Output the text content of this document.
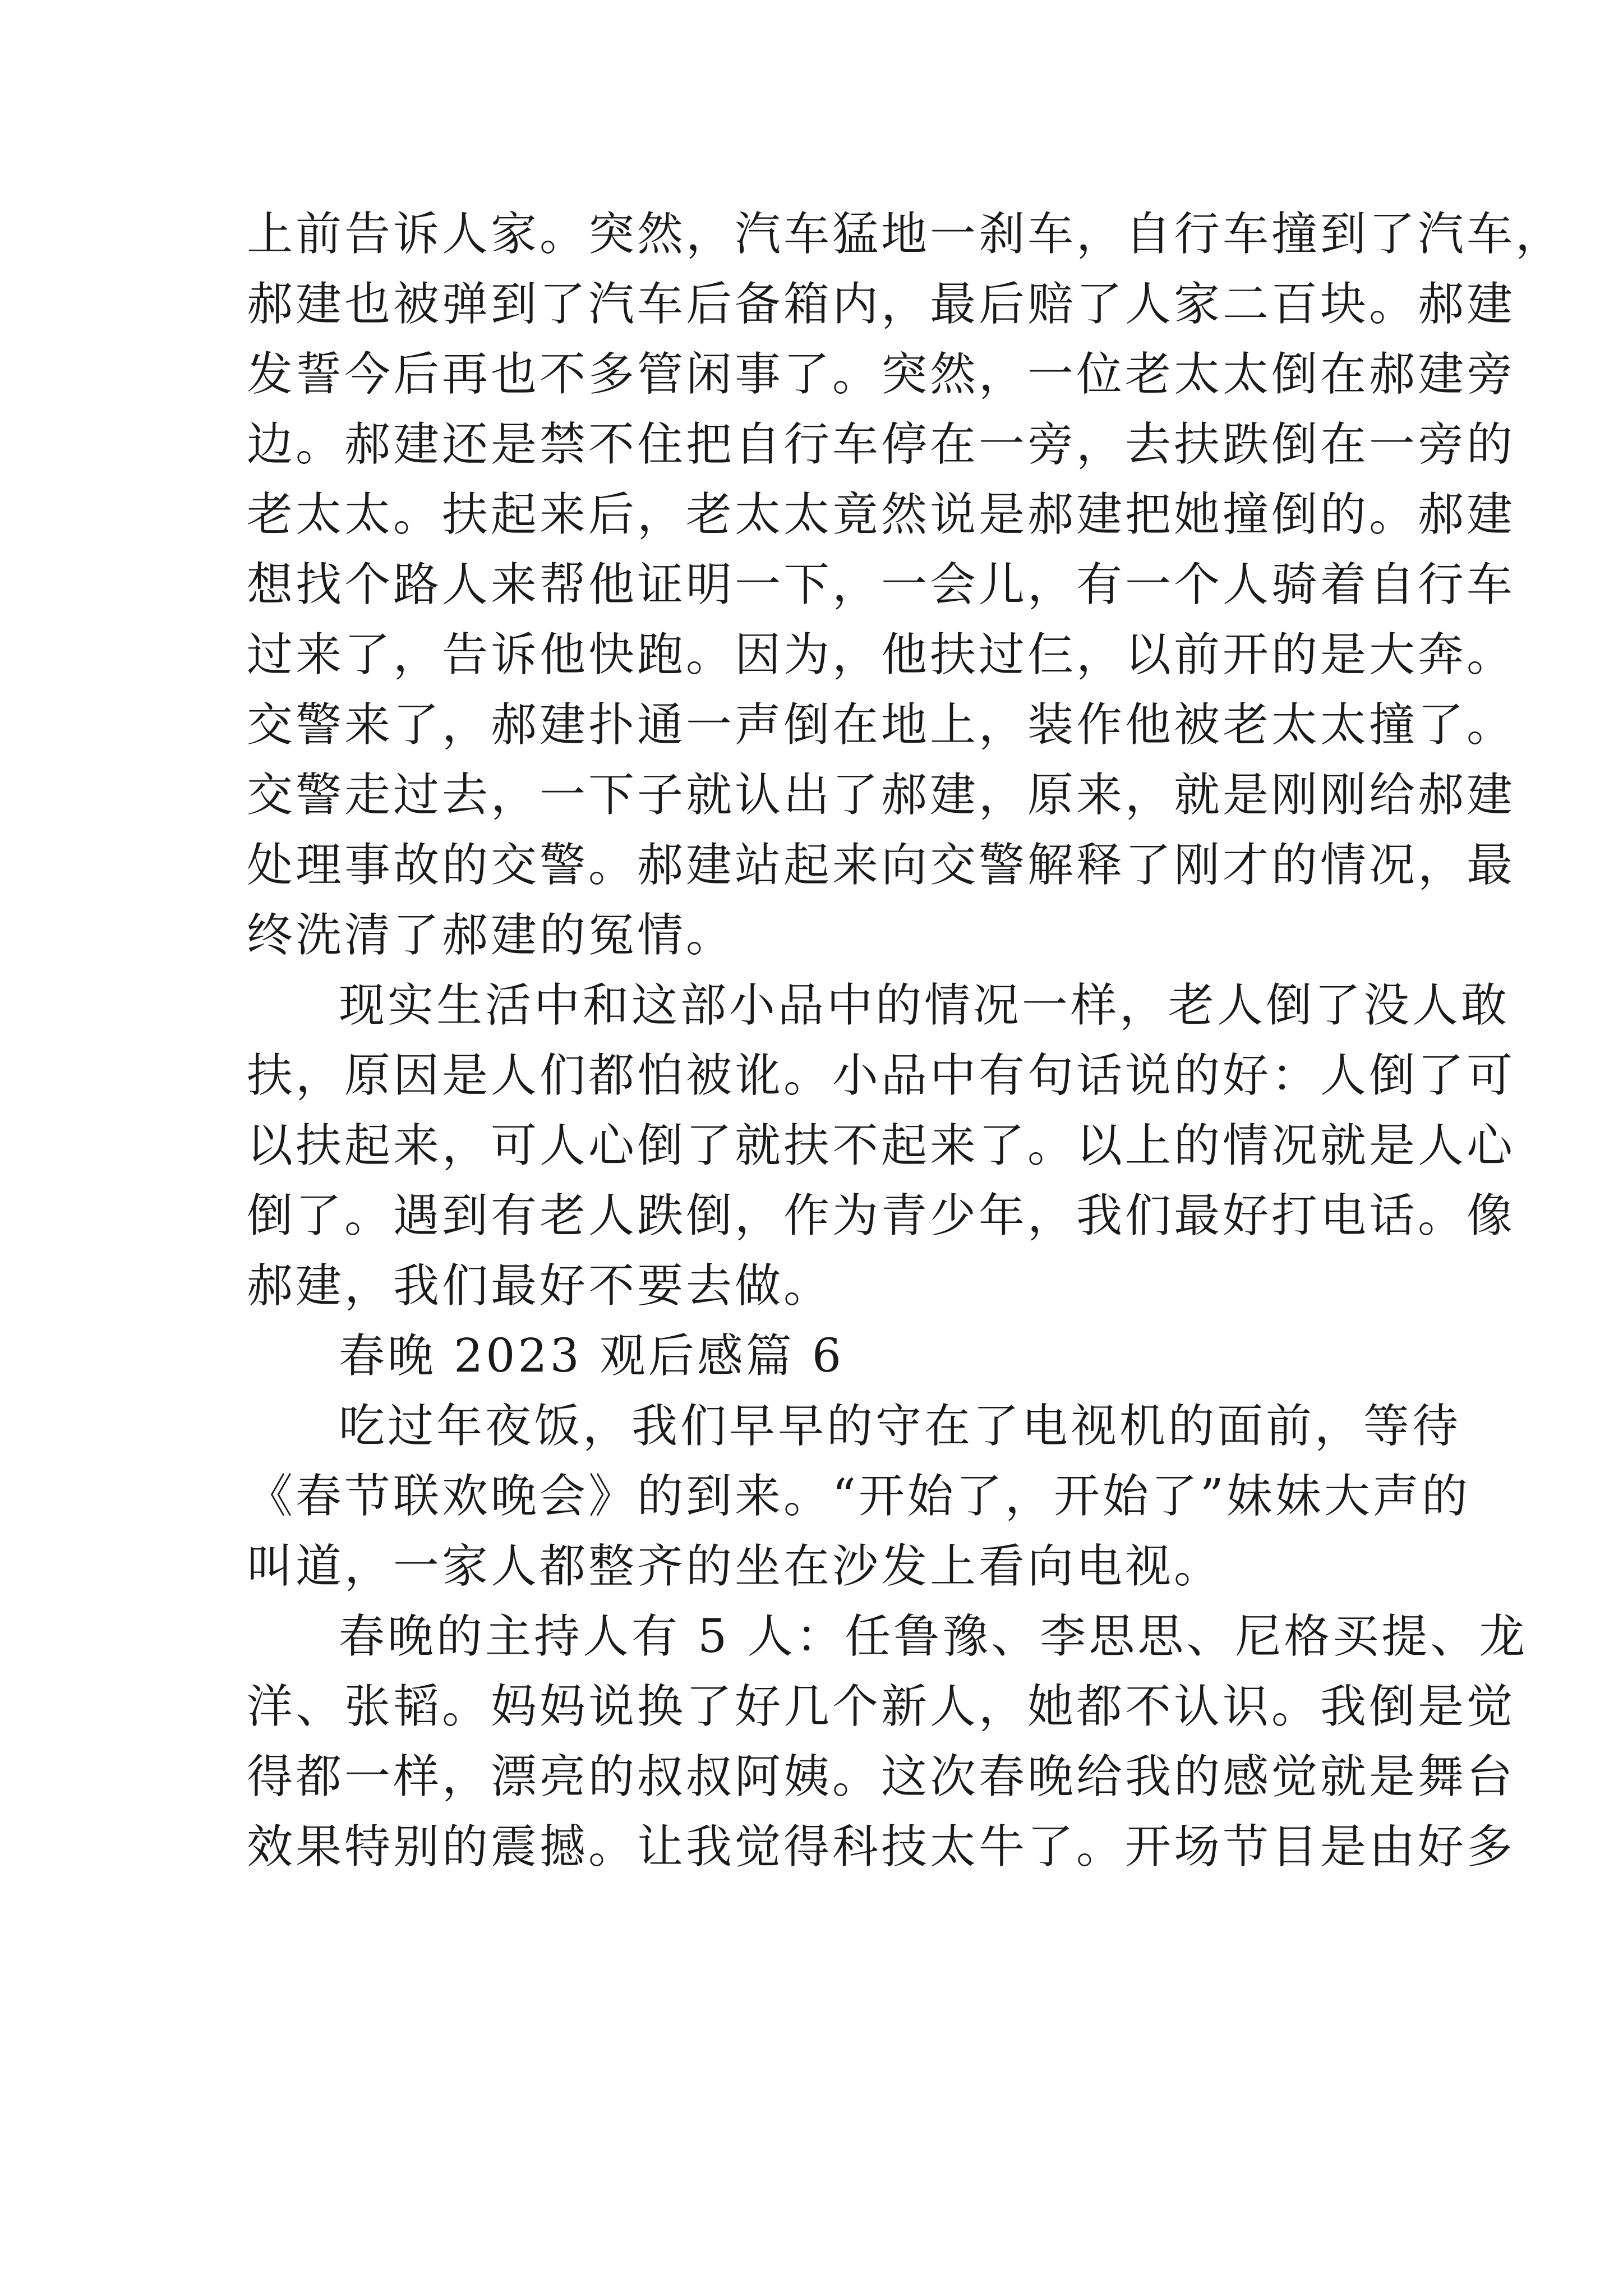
上前告诉人家。突然，汽车猛地一刹车，自行车撞到了汽车，
郝建也被弹到了汽车后备箱内，最后赔了人家二百块。郝建
发誓今后再也不多管闲事了。突然，一位老太太倒在郝建旁
边。郝建还是禁不住把自行车停在一旁，去扶跌倒在一旁的
老太太。扶起来后，老太太竟然说是郝建把她撞倒的。郝建
想找个路人来帮他证明一下，一会儿，有一个人骑着自行车
过来了，告诉他快跑。因为，他扶过仨，以前开的是大奔。
交警来了，郝建扑通一声倒在地上，装作他被老太太撞了。
交警走过去，一下子就认出了郝建，原来，就是刚刚给郝建
处理事故的交警。郝建站起来向交警解释了刚才的情况，最
终洗清了郝建的冤情。
现实生活中和这部小品中的情况一样，老人倒了没人敢
扶，原因是人们都怕被讹。小品中有句话说的好：人倒了可
以扶起来，可人心倒了就扶不起来了。以上的情况就是人心
倒了。遇到有老人跌倒，作为青少年，我们最好打电话。像
郝建，我们最好不要去做。
春晚 2023 观后感篇 6
吃过年夜饭，我们早早的守在了电视机的面前，等待
《春节联欢晚会》的到来。“开始了，开始了”妹妹大声的
叫道，一家人都整齐的坐在沙发上看向电视。
春晚的主持人有 5 人：任鲁豫、李思思、尼格买提、龙
洋、张韬。妈妈说换了好几个新人，她都不认识。我倒是觉
得都一样，漂亮的叔叔阿姨。这次春晚给我的感觉就是舞台
效果特别的震撼。让我觉得科技太牛了。开场节目是由好多
